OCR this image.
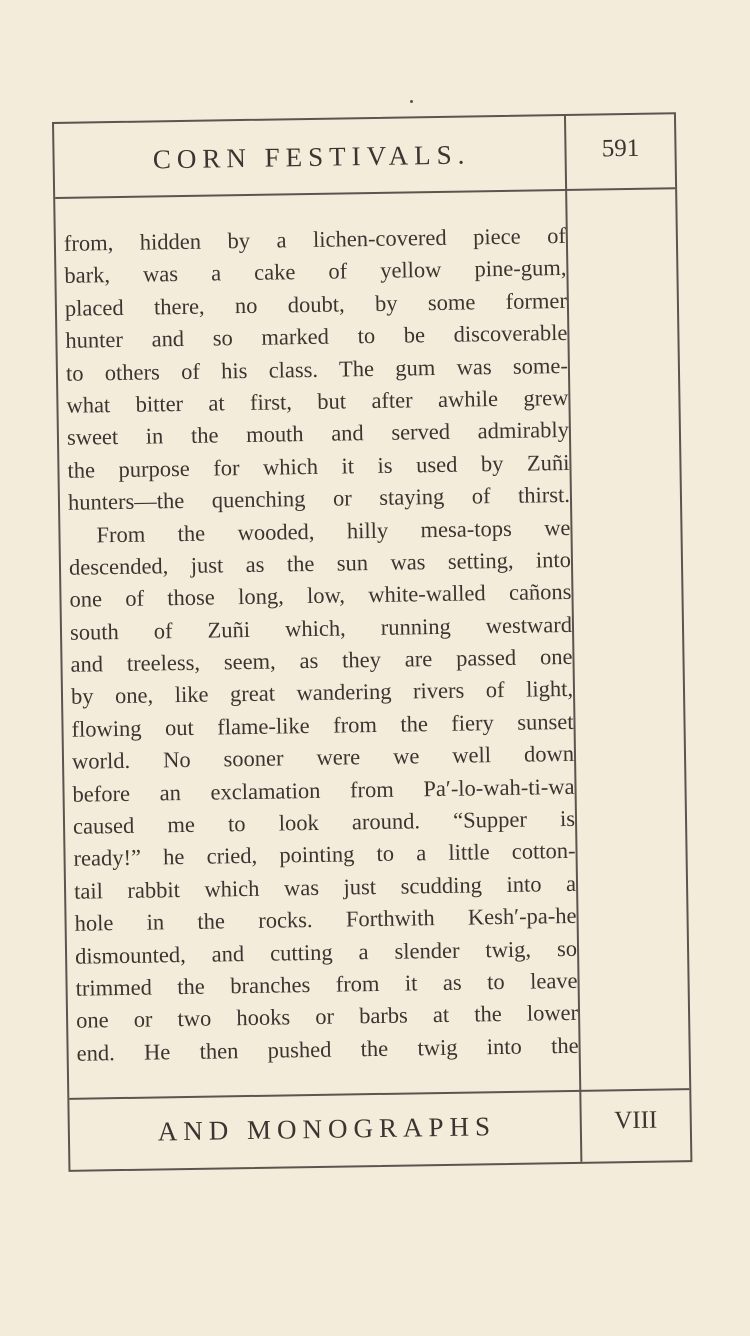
CORN FESTIVALS.	591
from, hidden by a lichen-covered piece of
bark, was a cake of yellow pine-gum,
placed there, no doubt, by some former
hunter and so marked to be discoverable
to others of his class. The gum was some-
what bitter at first, but after awhile grew
sweet in the mouth and served admirably
the purpose for which it is used by Zuñi
hunters—the quenching or staying of thirst.
From the wooded, hilly mesa-tops we
descended, just as the sun was setting, into
one of those long, low, white-walled cañons
south of Zuñi which, running westward
and treeless, seem, as they are passed one
by one, like great wandering rivers of light,
flowing out flame-like from the fiery sunset
world. No sooner were we well down
before an exclamation from Pa′-lo-wah-ti-wa
caused me to look around. “Supper is
ready!” he cried, pointing to a little cotton-
tail rabbit which was just scudding into a
hole in the rocks. Forthwith Kesh′-pa-he
dismounted, and cutting a slender twig, so
trimmed the branches from it as to leave
one or two hooks or barbs at the lower
end. He then pushed the twig into the
AND MONOGRAPHS	VIII
